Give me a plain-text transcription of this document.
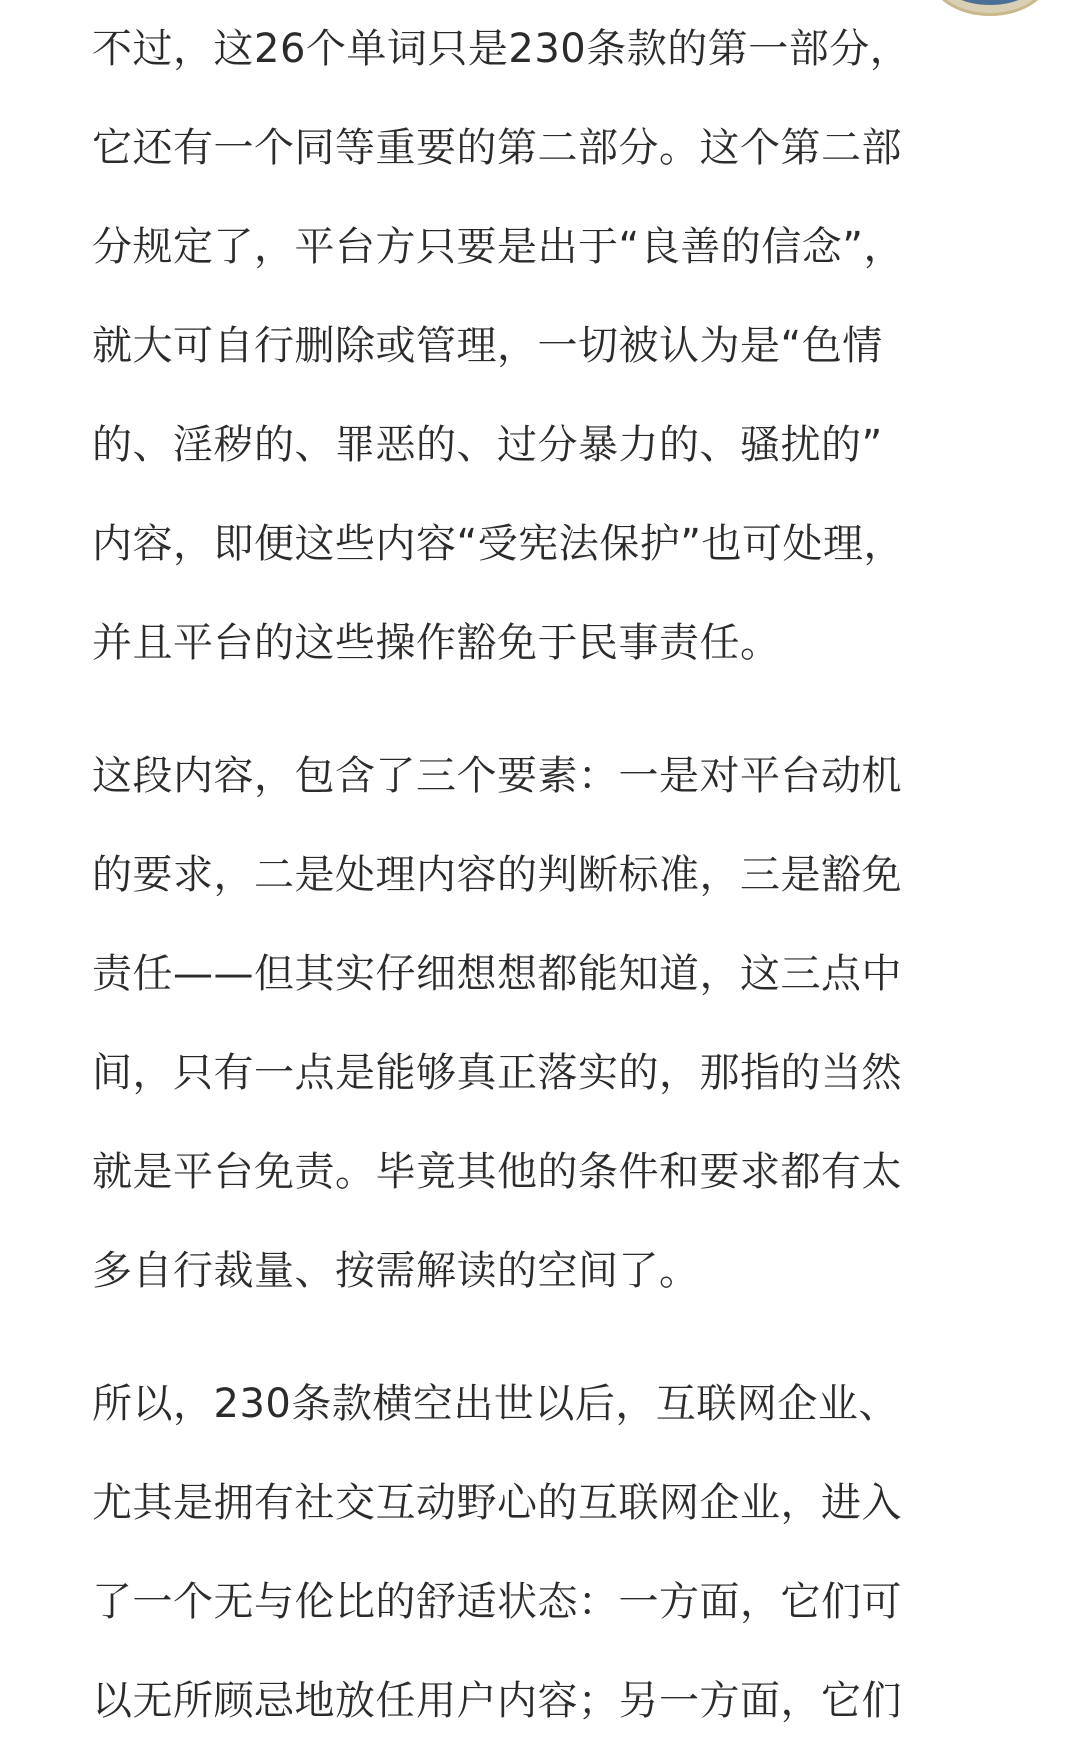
不过，这26个单词只是230条款的第一部分，
它还有一个同等重要的第二部分。这个第二部
分规定了，平台方只要是出于“良善的信念”，
就大可自行删除或管理，一切被认为是“色情
的、淫秽的、罪恶的、过分暴力的、骚扰的”
内容，即便这些内容“受宪法保护”也可处理，
并且平台的这些操作豁免于民事责任。

这段内容，包含了三个要素：一是对平台动机
的要求，二是处理内容的判断标准，三是豁免
责任——但其实仔细想想都能知道，这三点中
间，只有一点是能够真正落实的，那指的当然
就是平台免责。毕竟其他的条件和要求都有太
多自行裁量、按需解读的空间了。

所以，230条款横空出世以后，互联网企业、
尤其是拥有社交互动野心的互联网企业，进入
了一个无与伦比的舒适状态：一方面，它们可
以无所顾忌地放任用户内容；另一方面，它们
